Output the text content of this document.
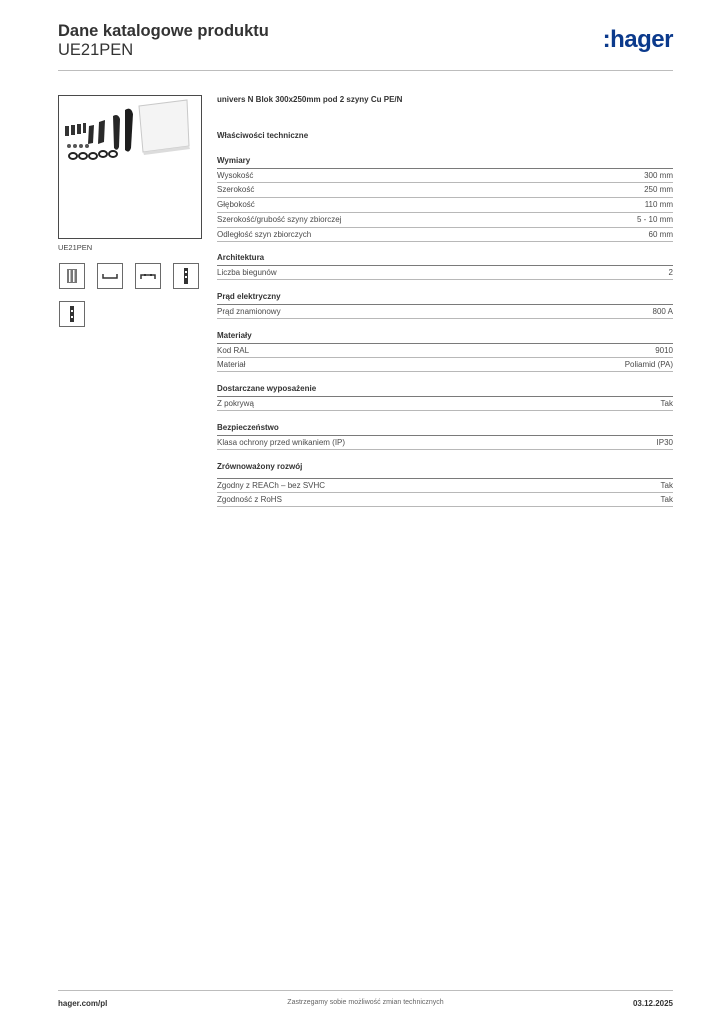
Dane katalogowe produktu
UE21PEN	:hager
UE21PEN
univers N Blok 300x250mm pod 2 szyny Cu PE/N
Właściwości techniczne
Wymiary
Wysokość	300 mm
Szerokość	250 mm
Głębokość	110 mm
Szerokość/grubość szyny zbiorczej	5 - 10 mm
Odległość szyn zbiorczych	60 mm
Architektura
Liczba biegunów	2
Prąd elektryczny
Prąd znamionowy	800 A
Materiały
Kod RAL	9010
Materiał	Poliamid (PA)
Dostarczane wyposażenie
Z pokrywą	Tak
Bezpieczeństwo
Klasa ochrony przed wnikaniem (IP)	IP30
Zrównoważony rozwój
Zgodny z REACh – bez SVHC	Tak
Zgodność z RoHS	Tak
hager.com/pl	Zastrzegamy sobie możliwość zmian technicznych	03.12.2025
